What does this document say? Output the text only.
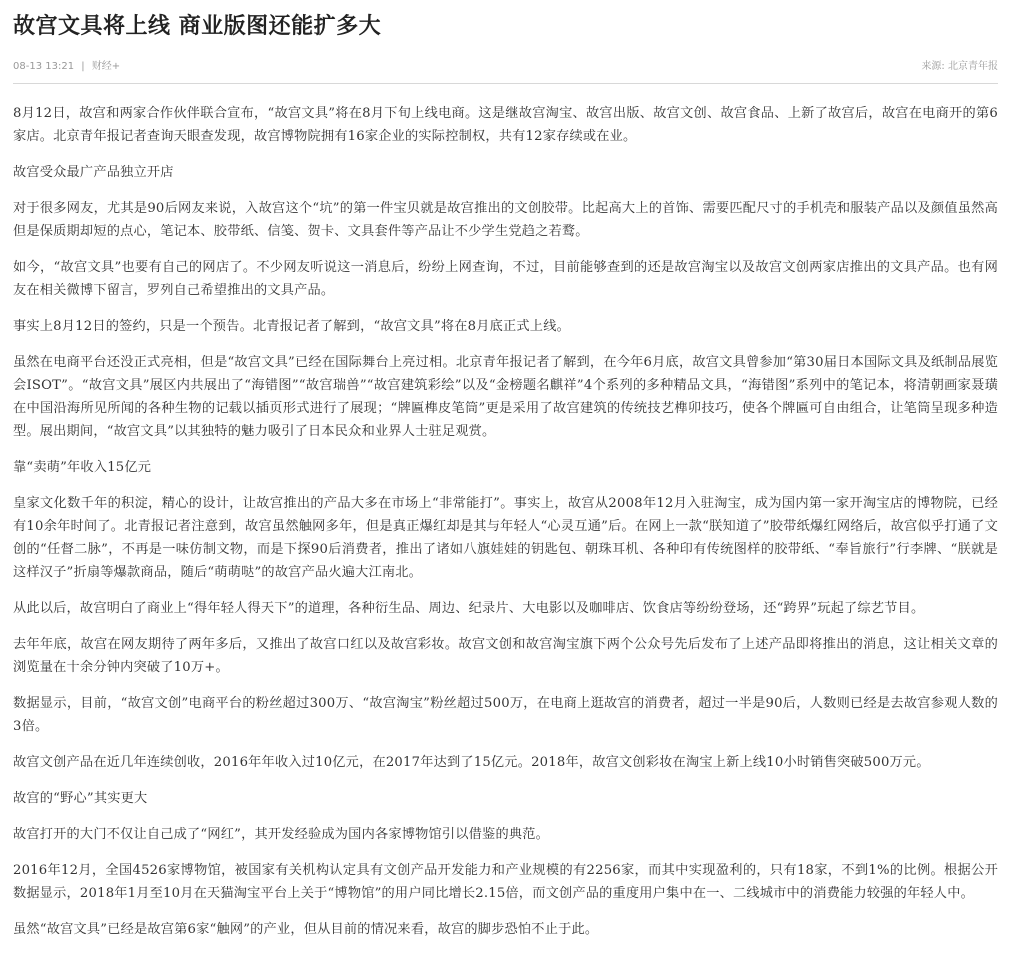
故宫文具将上线 商业版图还能扩多大
08-13 13:21 | 财经+	来源: 北京青年报

8月12日，故宫和两家合作伙伴联合宣布，“故宫文具”将在8月下旬上线电商。这是继故宫淘宝、故宫出版、故宫文创、故宫食品、上新了故宫后，故宫在电商开的第6家店。北京青年报记者查询天眼查发现，故宫博物院拥有16家企业的实际控制权，共有12家存续或在业。

故宫受众最广产品独立开店

对于很多网友，尤其是90后网友来说，入故宫这个“坑”的第一件宝贝就是故宫推出的文创胶带。比起高大上的首饰、需要匹配尺寸的手机壳和服装产品以及颜值虽然高但是保质期却短的点心，笔记本、胶带纸、信笺、贺卡、文具套件等产品让不少学生党趋之若鹜。

如今，“故宫文具”也要有自己的网店了。不少网友听说这一消息后，纷纷上网查询，不过，目前能够查到的还是故宫淘宝以及故宫文创两家店推出的文具产品。也有网友在相关微博下留言，罗列自己希望推出的文具产品。

事实上8月12日的签约，只是一个预告。北青报记者了解到，“故宫文具”将在8月底正式上线。

虽然在电商平台还没正式亮相，但是“故宫文具”已经在国际舞台上亮过相。北京青年报记者了解到，在今年6月底，故宫文具曾参加“第30届日本国际文具及纸制品展览会ISOT”。“故宫文具”展区内共展出了“海错图”“故宫瑞兽”“故宫建筑彩绘”以及“金榜题名麒祥”4个系列的多种精品文具，“海错图”系列中的笔记本，将清朝画家聂璜在中国沿海所见所闻的各种生物的记载以插页形式进行了展现；“牌匾榫皮笔筒”更是采用了故宫建筑的传统技艺榫卯技巧，使各个牌匾可自由组合，让笔筒呈现多种造型。展出期间，“故宫文具”以其独特的魅力吸引了日本民众和业界人士驻足观赏。

靠“卖萌”年收入15亿元

皇家文化数千年的积淀，精心的设计，让故宫推出的产品大多在市场上“非常能打”。事实上，故宫从2008年12月入驻淘宝，成为国内第一家开淘宝店的博物院，已经有10余年时间了。北青报记者注意到，故宫虽然触网多年，但是真正爆红却是其与年轻人“心灵互通”后。在网上一款“朕知道了”胶带纸爆红网络后，故宫似乎打通了文创的“任督二脉”，不再是一味仿制文物，而是下探90后消费者，推出了诸如八旗娃娃的钥匙包、朝珠耳机、各种印有传统图样的胶带纸、“奉旨旅行”行李牌、“朕就是这样汉子”折扇等爆款商品，随后“萌萌哒”的故宫产品火遍大江南北。

从此以后，故宫明白了商业上“得年轻人得天下”的道理，各种衍生品、周边、纪录片、大电影以及咖啡店、饮食店等纷纷登场，还“跨界”玩起了综艺节目。

去年年底，故宫在网友期待了两年多后，又推出了故宫口红以及故宫彩妆。故宫文创和故宫淘宝旗下两个公众号先后发布了上述产品即将推出的消息，这让相关文章的浏览量在十余分钟内突破了10万+。

数据显示，目前，“故宫文创”电商平台的粉丝超过300万、“故宫淘宝”粉丝超过500万，在电商上逛故宫的消费者，超过一半是90后，人数则已经是去故宫参观人数的3倍。

故宫文创产品在近几年连续创收，2016年年收入过10亿元，在2017年达到了15亿元。2018年，故宫文创彩妆在淘宝上新上线10小时销售突破500万元。

故宫的“野心”其实更大

故宫打开的大门不仅让自己成了“网红”，其开发经验成为国内各家博物馆引以借鉴的典范。

2016年12月，全国4526家博物馆，被国家有关机构认定具有文创产品开发能力和产业规模的有2256家，而其中实现盈利的，只有18家，不到1%的比例。根据公开数据显示，2018年1月至10月在天猫淘宝平台上关于“博物馆”的用户同比增长2.15倍，而文创产品的重度用户集中在一、二线城市中的消费能力较强的年轻人中。

虽然“故宫文具”已经是故宫第6家“触网”的产业，但从目前的情况来看，故宫的脚步恐怕不止于此。
